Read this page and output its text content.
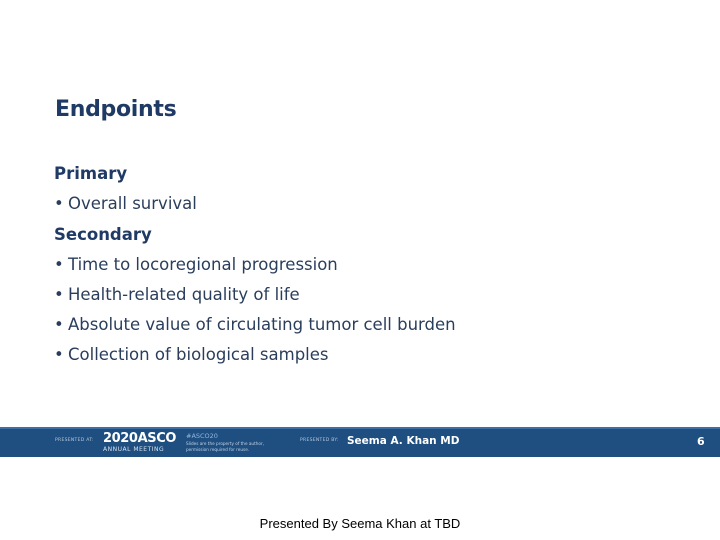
Endpoints
Primary
• Overall survival
Secondary
• Time to locoregional progression
• Health-related quality of life
• Absolute value of circulating tumor cell burden
• Collection of biological samples
PRESENTED AT: 2020ASCO
ANNUAL MEETING
#ASCO20
Slides are the property of the author,
permission required for reuse.
PRESENTED BY: Seema A. Khan MD	6
Presented By Seema Khan at TBD
